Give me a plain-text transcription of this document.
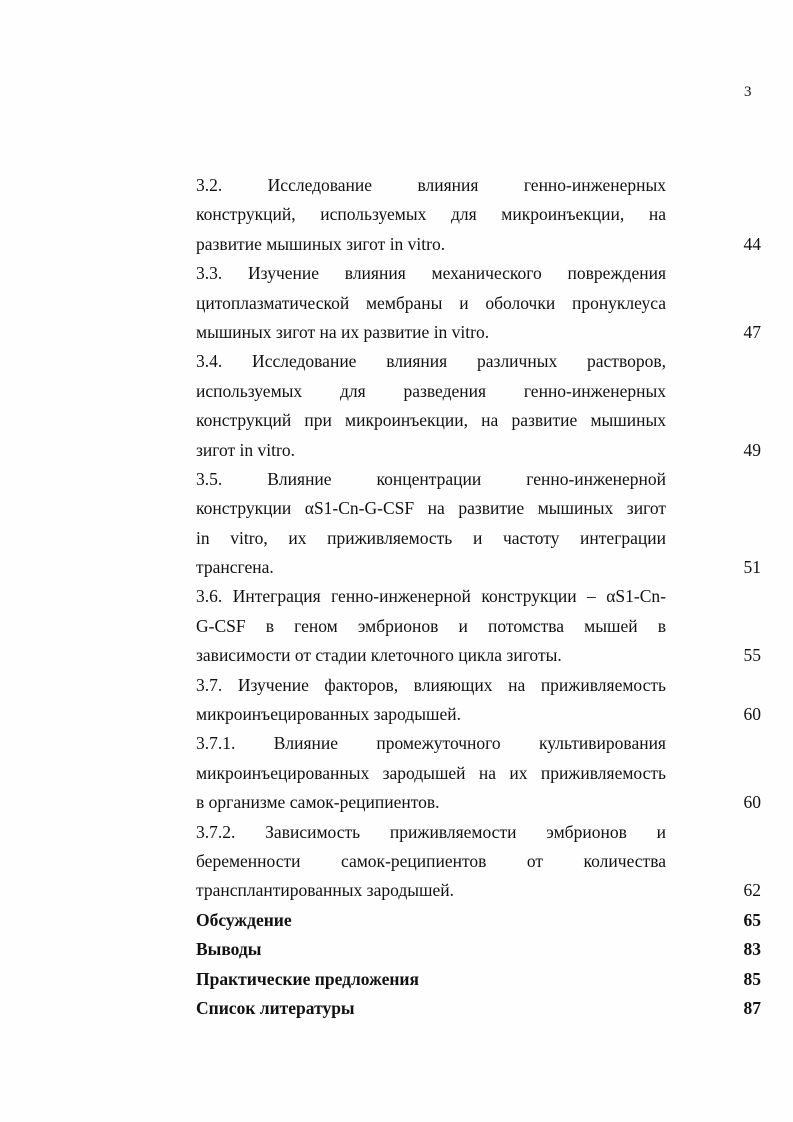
3
3.2. Исследование влияния генно-инженерных
конструкций, используемых для микроинъекции, на
развитие мышиных зигот in vitro.	44
3.3. Изучение влияния механического повреждения
цитоплазматической мембраны и оболочки пронуклеуса
мышиных зигот на их развитие in vitro.	47
3.4. Исследование влияния различных растворов,
используемых для разведения генно-инженерных
конструкций при микроинъекции, на развитие мышиных
зигот in vitro.	49
3.5. Влияние концентрации генно-инженерной
конструкции αS1-Cn-G-CSF на развитие мышиных зигот
in vitro, их приживляемость и частоту интеграции
трансгена.	51
3.6. Интеграция генно-инженерной конструкции – αS1-Cn-
G-CSF в геном эмбрионов и потомства мышей в
зависимости от стадии клеточного цикла зиготы.	55
3.7. Изучение факторов, влияющих на приживляемость
микроинъецированных зародышей.	60
3.7.1. Влияние промежуточного культивирования
микроинъецированных зародышей на их приживляемость
в организме самок-реципиентов.	60
3.7.2. Зависимость приживляемости эмбрионов и
беременности самок-реципиентов от количества
трансплантированных зародышей.	62
Обсуждение	65
Выводы	83
Практические предложения	85
Список литературы	87
